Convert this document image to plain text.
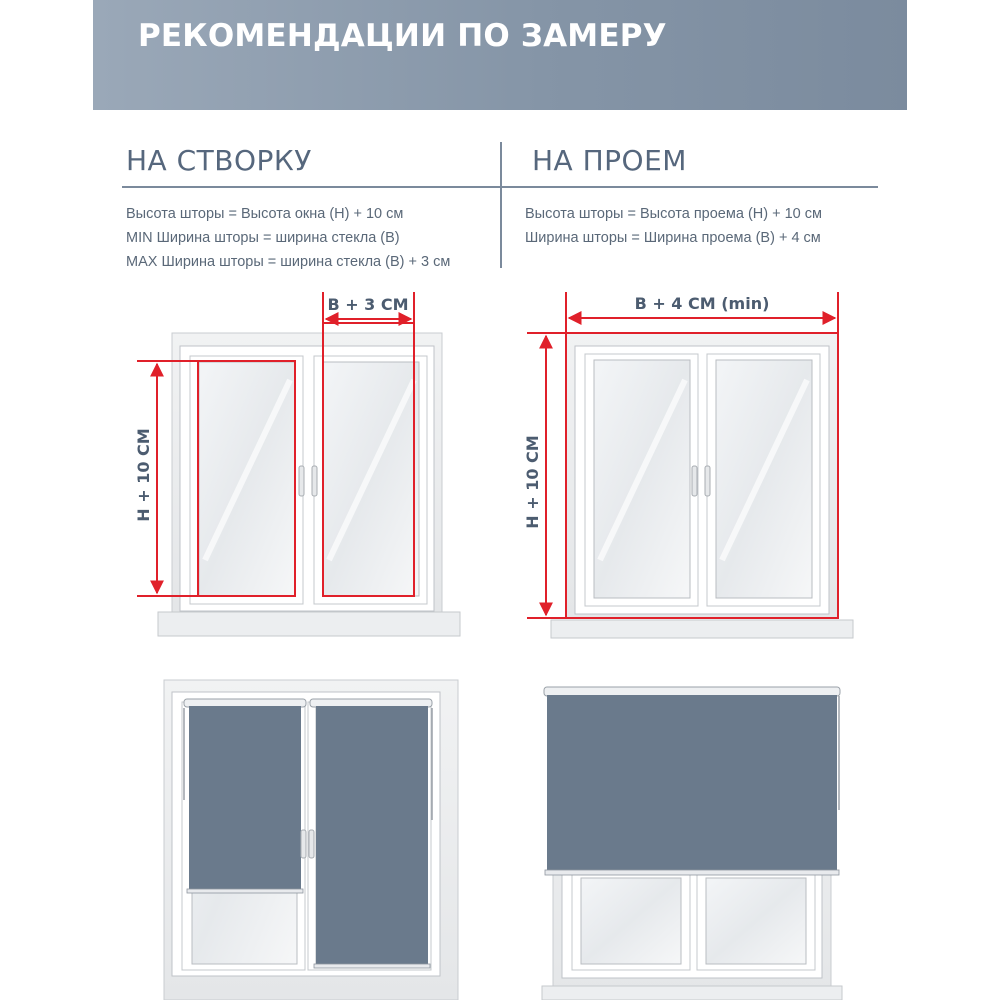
РЕКОМЕНДАЦИИ ПО ЗАМЕРУ
НА СТВОРКУ	НА ПРОЕМ
Высота шторы = Высота окна (Н) + 10 см
MIN Ширина шторы = ширина стекла (В)
MAX Ширина шторы = ширина стекла (В) + 3 см
Высота шторы = Высота проема (Н) + 10 см
Ширина шторы = Ширина проема (В) + 4 см
В + 3 СМ
Н + 10 СМ
В + 4 СМ (min)
Н + 10 СМ
